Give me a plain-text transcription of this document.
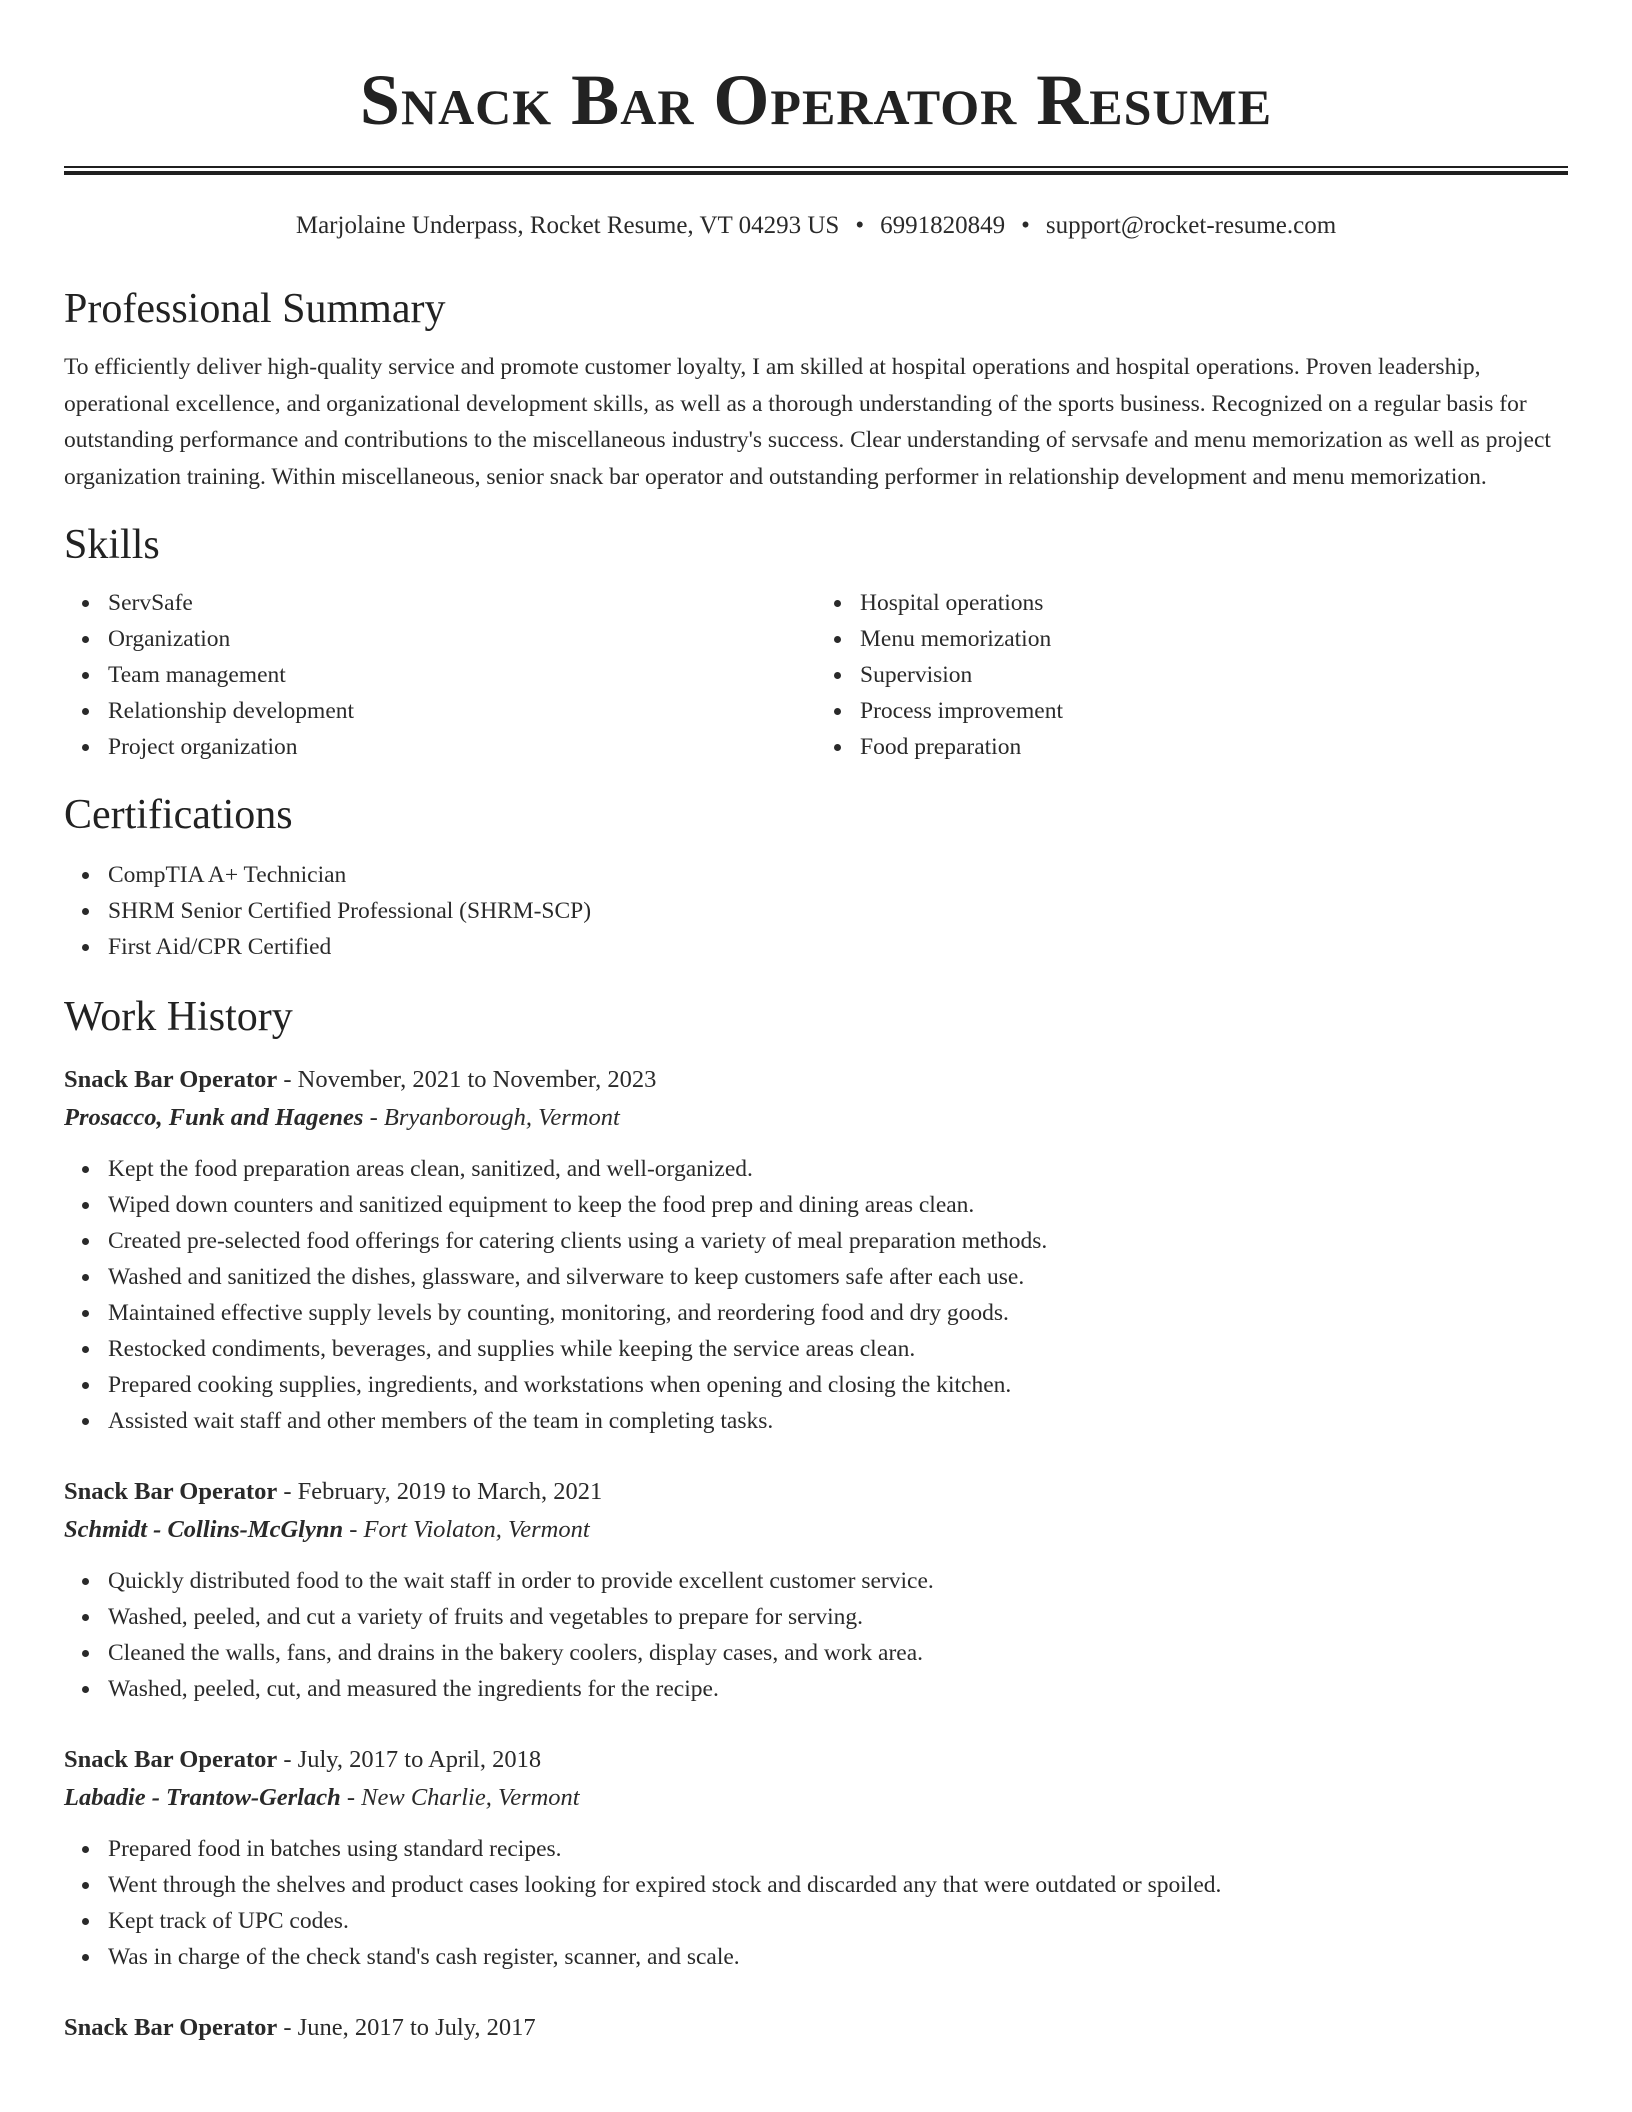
Snack Bar Operator Resume
Marjolaine Underpass, Rocket Resume, VT 04293 US • 6991820849 • support@rocket-resume.com
Professional Summary

To efficiently deliver high-quality service and promote customer loyalty, I am skilled at hospital operations and hospital operations. Proven leadership, operational excellence, and organizational development skills, as well as a thorough understanding of the sports business. Recognized on a regular basis for outstanding performance and contributions to the miscellaneous industry's success. Clear understanding of servsafe and menu memorization as well as project organization training. Within miscellaneous, senior snack bar operator and outstanding performer in relationship development and menu memorization.

Skills
ServSafe
Organization
Team management
Relationship development
Project organization
Hospital operations
Menu memorization
Supervision
Process improvement
Food preparation
Certifications
CompTIA A+ Technician
SHRM Senior Certified Professional (SHRM-SCP)
First Aid/CPR Certified
Work History
Snack Bar Operator - November, 2021 to November, 2023
Prosacco, Funk and Hagenes - Bryanborough, Vermont
Kept the food preparation areas clean, sanitized, and well-organized.
Wiped down counters and sanitized equipment to keep the food prep and dining areas clean.
Created pre-selected food offerings for catering clients using a variety of meal preparation methods.
Washed and sanitized the dishes, glassware, and silverware to keep customers safe after each use.
Maintained effective supply levels by counting, monitoring, and reordering food and dry goods.
Restocked condiments, beverages, and supplies while keeping the service areas clean.
Prepared cooking supplies, ingredients, and workstations when opening and closing the kitchen.
Assisted wait staff and other members of the team in completing tasks.
Snack Bar Operator - February, 2019 to March, 2021
Schmidt - Collins-McGlynn - Fort Violaton, Vermont
Quickly distributed food to the wait staff in order to provide excellent customer service.
Washed, peeled, and cut a variety of fruits and vegetables to prepare for serving.
Cleaned the walls, fans, and drains in the bakery coolers, display cases, and work area.
Washed, peeled, cut, and measured the ingredients for the recipe.
Snack Bar Operator - July, 2017 to April, 2018
Labadie - Trantow-Gerlach - New Charlie, Vermont
Prepared food in batches using standard recipes.
Went through the shelves and product cases looking for expired stock and discarded any that were outdated or spoiled.
Kept track of UPC codes.
Was in charge of the check stand's cash register, scanner, and scale.
Snack Bar Operator - June, 2017 to July, 2017
